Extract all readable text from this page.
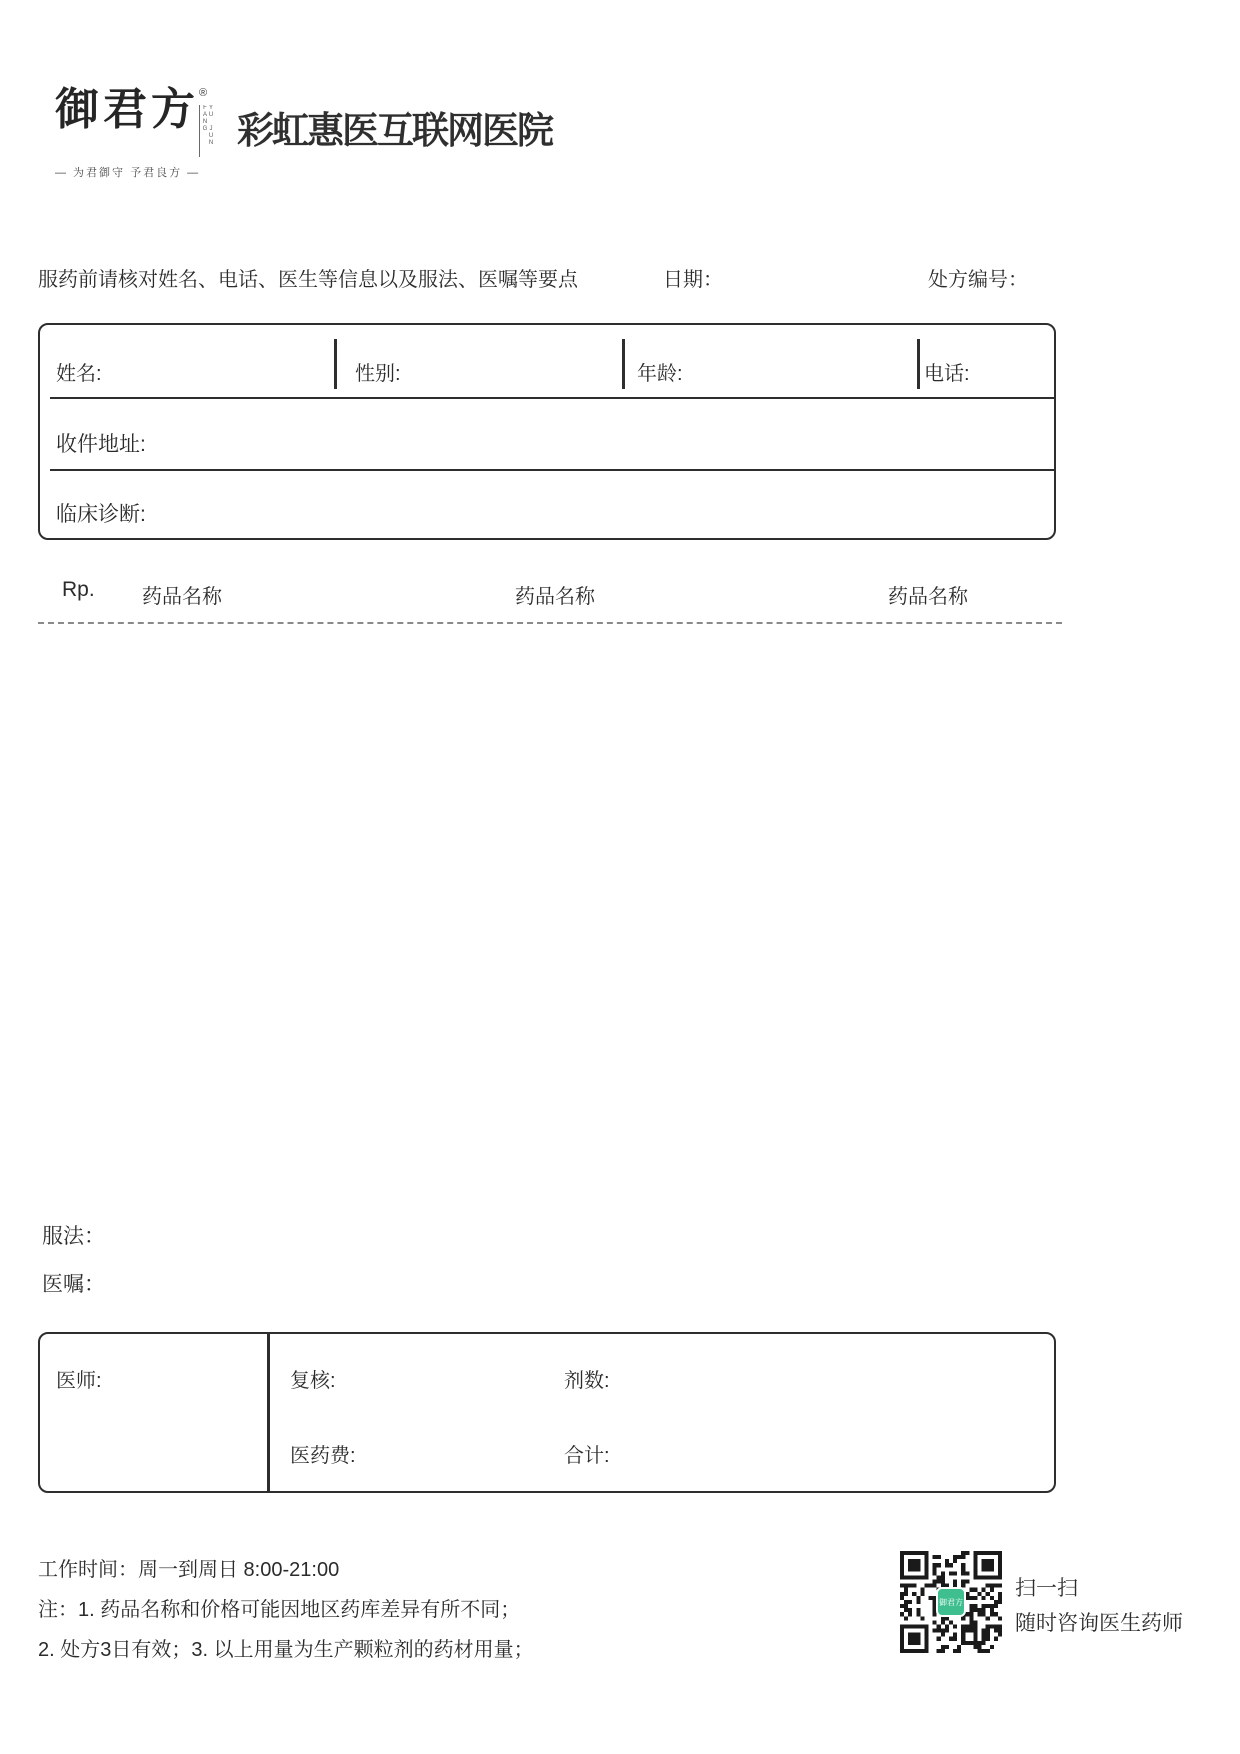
御君方 ®
YU JUN FANG
— 为君御守 予君良方 —
彩虹惠医互联网医院
服药前请核对姓名、电话、医生等信息以及服法、医嘱等要点	日期：	处方编号：
姓名:	性别:	年龄:	电话:
收件地址:
临床诊断:
Rp. 药品名称	药品名称	药品名称
服法：
医嘱：
医师:	复核:	剂数:
医药费:	合计:
工作时间：周一到周日 8:00-21:00
注：1. 药品名称和价格可能因地区药库差异有所不同；
2. 处方3日有效；3. 以上用量为生产颗粒剂的药材用量；
御君方
扫一扫
随时咨询医生药师
